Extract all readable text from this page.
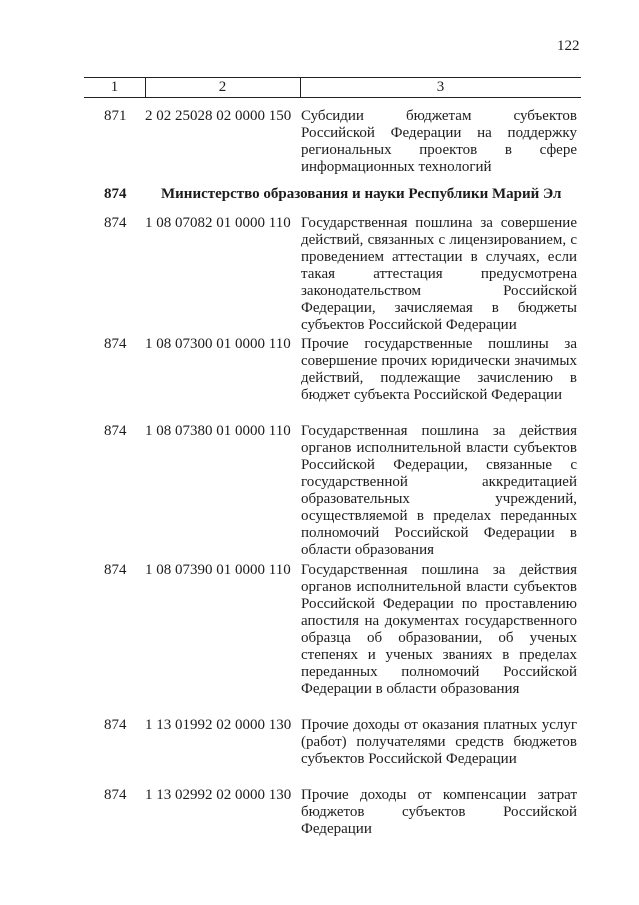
122
1	2	3
871 2 02 25028 02 0000 150 Субсидии бюджетам субъектов Российской Федерации на поддержку региональных проектов в сфере информационных технологий
874 Министерство образования и науки Республики Марий Эл
874 1 08 07082 01 0000 110 Государственная пошлина за совершение действий, связанных с лицензированием, с проведением аттестации в случаях, если такая аттестация предусмотрена законодательством Российской Федерации, зачисляемая в бюджеты субъектов Российской Федерации
874 1 08 07300 01 0000 110 Прочие государственные пошлины за совершение прочих юридически значимых действий, подлежащие зачислению в бюджет субъекта Российской Федерации
874 1 08 07380 01 0000 110 Государственная пошлина за действия органов исполнительной власти субъектов Российской Федерации, связанные с государственной аккредитацией образовательных учреждений, осуществляемой в пределах переданных полномочий Российской Федерации в области образования
874 1 08 07390 01 0000 110 Государственная пошлина за действия органов исполнительной власти субъектов Российской Федерации по проставлению апостиля на документах государственного образца об образовании, об ученых степенях и ученых званиях в пределах переданных полномочий Российской Федерации в области образования
874 1 13 01992 02 0000 130 Прочие доходы от оказания платных услуг (работ) получателями средств бюджетов субъектов Российской Федерации
874 1 13 02992 02 0000 130 Прочие доходы от компенсации затрат бюджетов субъектов Российской Федерации
